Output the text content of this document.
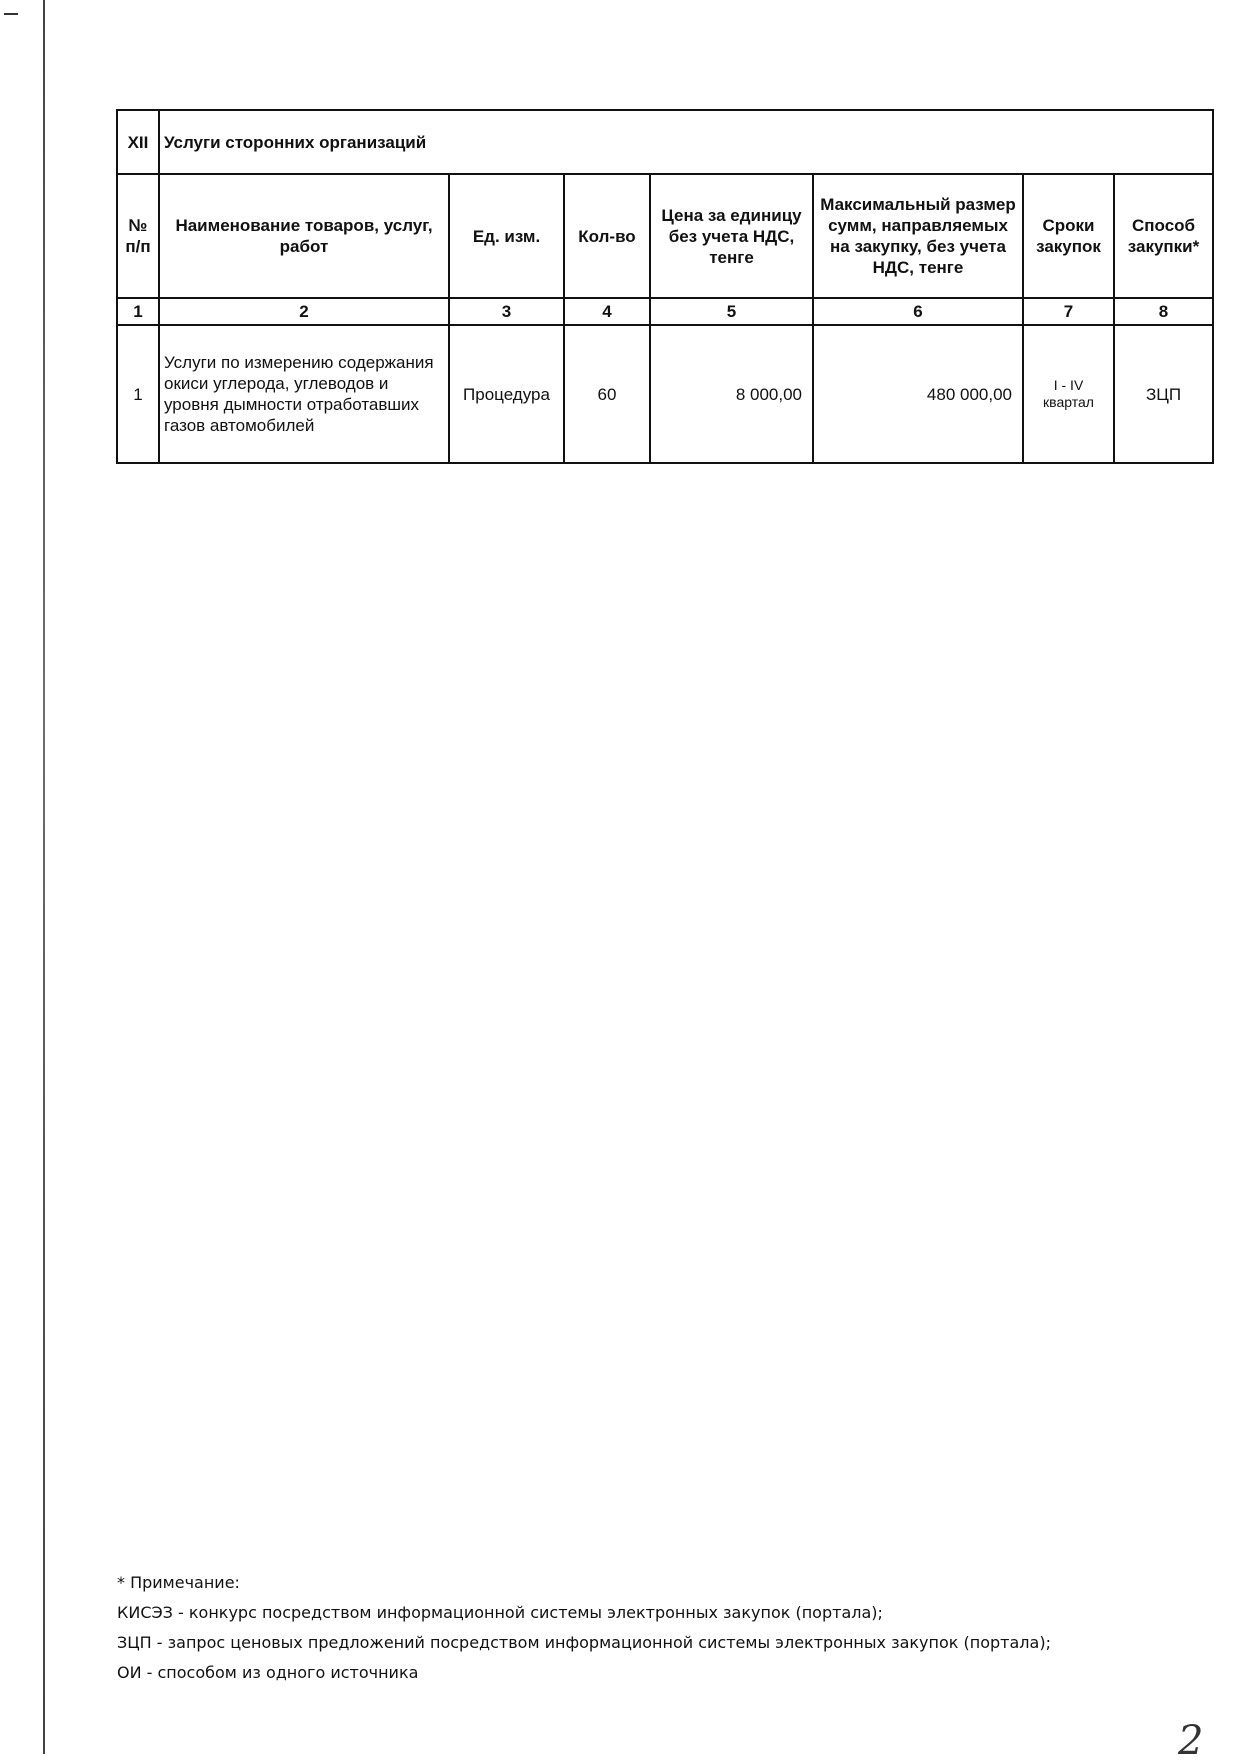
XII	Услуги сторонних организаций						
№ п/п	Наименование товаров, услуг, работ	Ед. изм.	Кол-во	Цена за единицу без учета НДС, тенге	Максимальный размер сумм, направляемых на закупку, без учета НДС, тенге	Сроки закупок	Способ закупки*
1	2	3	4	5	6	7	8
1	Услуги по измерению содержания окиси углерода, углеводов и уровня дымности отработавших газов автомобилей	Процедура	60	8 000,00	480 000,00	I - IV квартал	ЗЦП
* Примечание:
КИСЭЗ - конкурс посредством информационной системы электронных закупок (портала);
ЗЦП - запрос ценовых предложений посредством информационной системы электронных закупок (портала);
ОИ - способом из одного источника
2
